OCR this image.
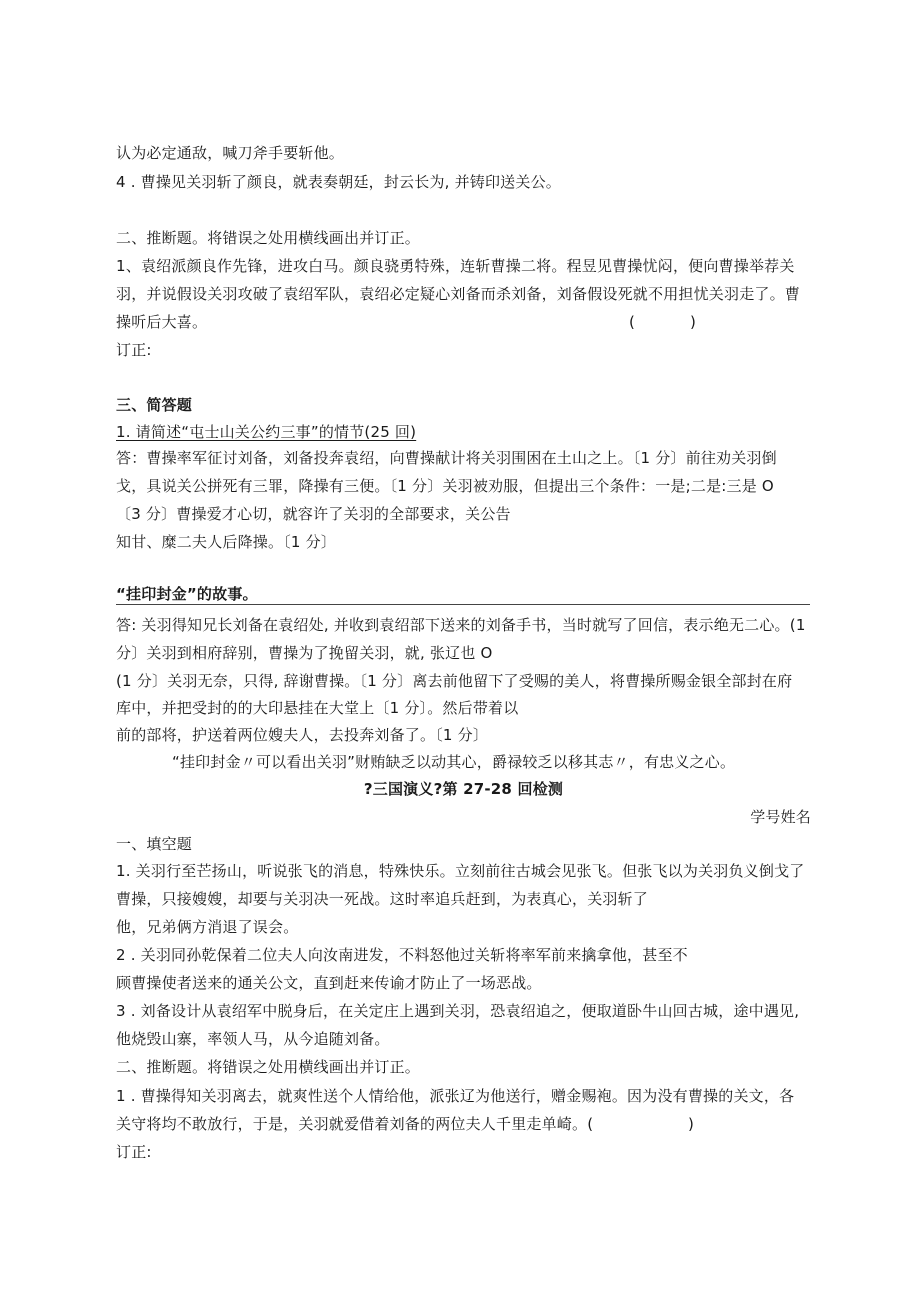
认为必定通敌，喊刀斧手要斩他。
4 . 曹操见关羽斩了颜良，就表奏朝廷，封云长为, 并铸印送关公。
二、推断题。将错误之处用横线画出并订正。
1、袁绍派颜良作先锋，进攻白马。颜良骁勇特殊，连斩曹操二将。程昱见曹操忧闷，便向曹操举荐关
羽，并说假设关羽攻破了袁绍军队，袁绍必定疑心刘备而杀刘备，刘备假设死就不用担忧关羽走了。曹
操听后大喜。	(	)
订正:
三、简答题
1. 请简述“屯士山关公约三事”的情节(25 回)
答：曹操率军征讨刘备，刘备投奔袁绍，向曹操献计将关羽围困在土山之上。〔1 分〕前往劝关羽倒
戈，具说关公拼死有三罪，降操有三便。〔1 分〕关羽被劝服，但提出三个条件：一是;二是:三是 O
〔3 分〕曹操爱才心切，就容许了关羽的全部要求，关公告
知甘、糜二夫人后降操。〔1 分〕
“挂印封金”的故事。
答: 关羽得知兄长刘备在袁绍处, 并收到袁绍部下送来的刘备手书，当时就写了回信，表示绝无二心。(1
分〕关羽到相府辞别，曹操为了挽留关羽，就, 张辽也 O
(1 分〕关羽无奈，只得, 辞谢曹操。〔1 分〕离去前他留下了受赐的美人，将曹操所赐金银全部封在府
库中，并把受封的的大印悬挂在大堂上〔1 分〕。然后带着以
前的部将，护送着两位嫂夫人，去投奔刘备了。〔1 分〕
“挂印封金〃可以看出关羽”财贿缺乏以动其心，爵禄较乏以移其志〃，有忠义之心。
?三国演义?第 27-28 回检测
学号姓名
一、填空题
1. 关羽行至芒扬山，听说张飞的消息，特殊快乐。立刻前往古城会见张飞。但张飞以为关羽负义倒戈了
曹操，只接嫂嫂，却要与关羽决一死战。这时率追兵赶到，为表真心，关羽斩了
他，兄弟俩方消退了误会。
2 . 关羽同孙乾保着二位夫人向汝南进发，不料怒他过关斩将率军前来擒拿他，甚至不
顾曹操使者送来的通关公文，直到赶来传谕才防止了一场恶战。
3 . 刘备设计从袁绍军中脱身后，在关定庄上遇到关羽，恐袁绍追之，便取道卧牛山回古城，途中遇见,
他烧毁山寨，率领人马，从今追随刘备。
二、推断题。将错误之处用横线画出并订正。
1 . 曹操得知关羽离去，就爽性送个人情给他，派张辽为他送行，赠金赐袍。因为没有曹操的关文，各
关守将均不敢放行，于是，关羽就爱借着刘备的两位夫人千里走单崎。(	)
订正:
